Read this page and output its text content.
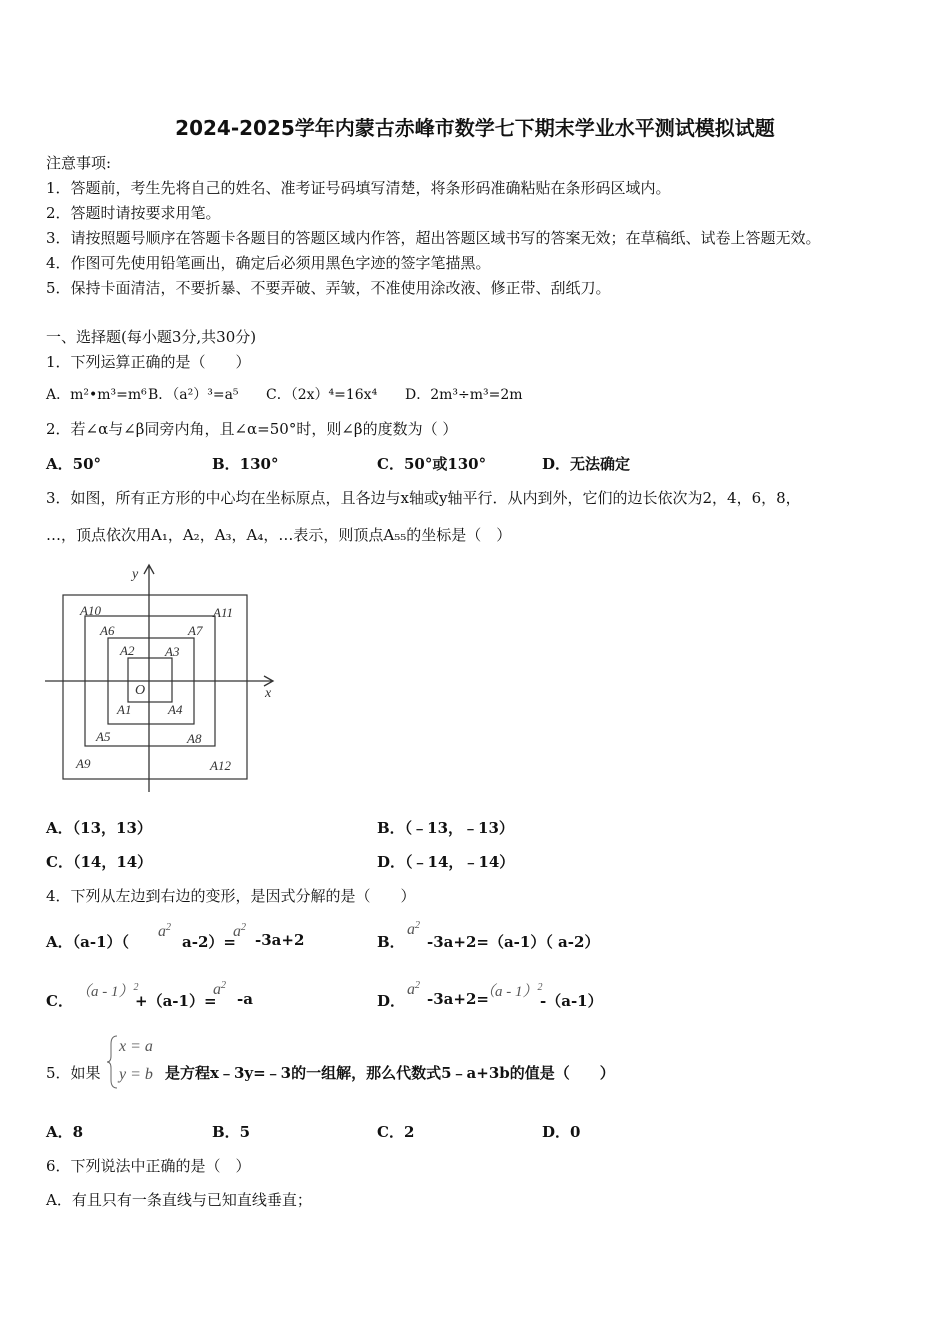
2024-2025学年内蒙古赤峰市数学七下期末学业水平测试模拟试题
注意事项:
1．答题前，考生先将自己的姓名、准考证号码填写清楚，将条形码准确粘贴在条形码区域内。
2．答题时请按要求用笔。
3．请按照题号顺序在答题卡各题目的答题区域内作答，超出答题区域书写的答案无效；在草稿纸、试卷上答题无效。
4．作图可先使用铅笔画出，确定后必须用黑色字迹的签字笔描黑。
5．保持卡面清洁，不要折暴、不要弄破、弄皱，不准使用涂改液、修正带、刮纸刀。
一、选择题(每小题3分,共30分)
1．下列运算正确的是（　　）
A．m²•m³=m⁶ B．（a²）³=a⁵ C．（2x）⁴=16x⁴ D．2m³÷m³=2m
2．若∠α与∠β同旁内角，且∠α=50°时，则∠β的度数为（ ）
A．50°	B．130°	C．50°或130°	D．无法确定
3．如图，所有正方形的中心均在坐标原点，且各边与x轴或y轴平行．从内到外，它们的边长依次为2，4，6，8，
…，顶点依次用A₁，A₂，A₃，A₄，…表示，则顶点A₅₅的坐标是（　）
A10	A11
A6	A7
A2 A3
O
A1	A4
A5	A8
A9	A12
x
y
A．（13，13）	B．（﹣13，﹣13）
C．（14，14）	D．（﹣14，﹣14）
4．下列从左边到右边的变形，是因式分解的是（　　）
A．（a-1）（
$a^2$
a-2）=
$a^2$
-3a+2	B．
$a^2$
-3a+2=（a-1）（ a-2）
C． （a - 1）$^2$
+（a-1）=
$a^2$
-a	D．
$a^2$
-3a+2=
（a - 1）$^2$
-（a-1）
5．如果
x = a
y = b 是方程x﹣3y=﹣3的一组解，那么代数式5﹣a+3b的值是（　　）
A．8	B．5	C．2	D．0
6．下列说法中正确的是（　）
A．有且只有一条直线与已知直线垂直；
